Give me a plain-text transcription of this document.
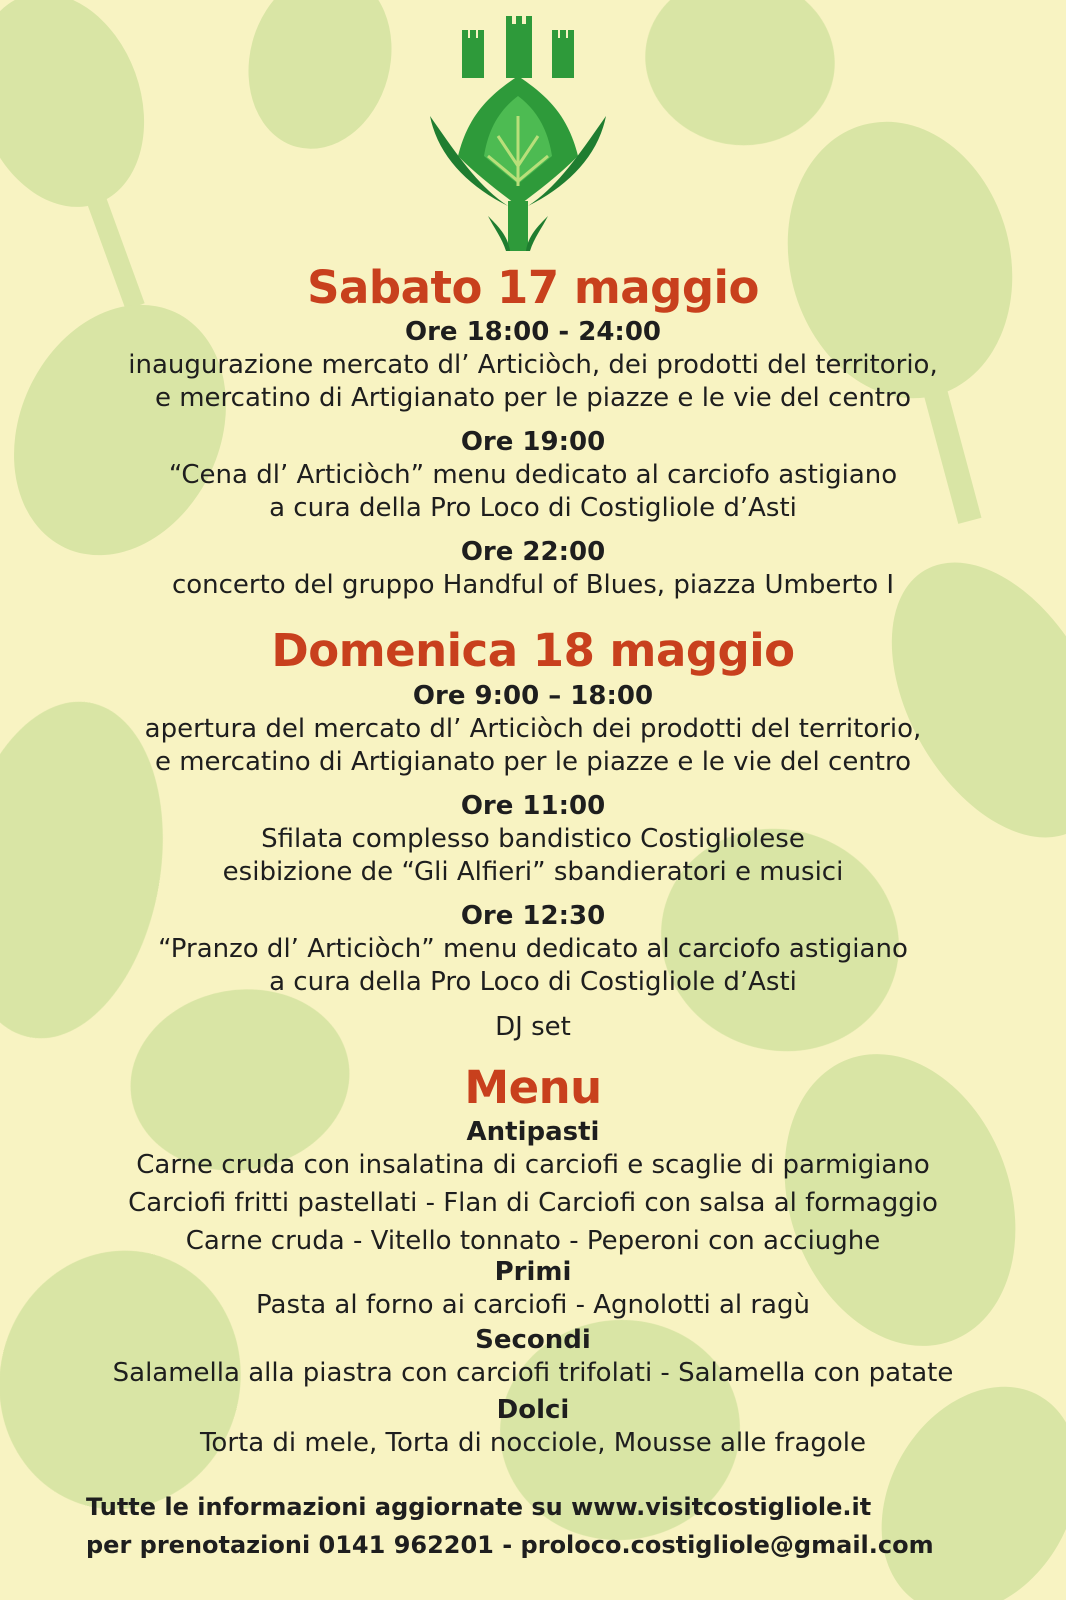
Sabato 17 maggio
Ore 18:00 - 24:00
inaugurazione mercato dl’ Articiòch, dei prodotti del territorio,
e mercatino di Artigianato per le piazze e le vie del centro
Ore 19:00
“Cena dl’ Articiòch” menu dedicato al carciofo astigiano
a cura della Pro Loco di Costigliole d’Asti
Ore 22:00
concerto del gruppo Handful of Blues, piazza Umberto I
Domenica 18 maggio
Ore 9:00 – 18:00
apertura del mercato dl’ Articiòch dei prodotti del territorio,
e mercatino di Artigianato per le piazze e le vie del centro
Ore 11:00
Sfilata complesso bandistico Costigliolese
esibizione de “Gli Alfieri” sbandieratori e musici
Ore 12:30
“Pranzo dl’ Articiòch” menu dedicato al carciofo astigiano
a cura della Pro Loco di Costigliole d’Asti
DJ set
Menu
Antipasti
Carne cruda con insalatina di carciofi e scaglie di parmigiano
Carciofi fritti pastellati - Flan di Carciofi con salsa al formaggio
Carne cruda - Vitello tonnato - Peperoni con acciughe
Primi
Pasta al forno ai carciofi - Agnolotti al ragù
Secondi
Salamella alla piastra con carciofi trifolati - Salamella con patate
Dolci
Torta di mele, Torta di nocciole, Mousse alle fragole
Tutte le informazioni aggiornate su www.visitcostigliole.it
per prenotazioni 0141 962201 - proloco.costigliole@gmail.com
